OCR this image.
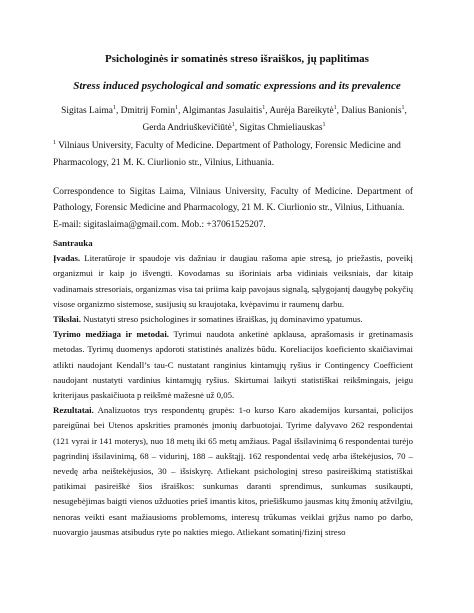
Psichologinės ir somatinės streso išraiškos, jų paplitimas
Stress induced psychological and somatic expressions and its prevalence
Sigitas Laima$^1$, Dmitrij Fomin$^1$, Algimantas Jasulaitis$^1$, Aurėja Bareikytė$^1$, Dalius Banionis$^1$, Gerda Andriuškevičiūtė$^1$, Sigitas Chmieliauskas$^1$
$^1$ Vilniaus University, Faculty of Medicine. Department of Pathology, Forensic Medicine and Pharmacology, 21 M. K. Ciurlionio str., Vilnius, Lithuania.
Correspondence to Sigitas Laima, Vilniaus University, Faculty of Medicine. Department of Pathology, Forensic Medicine and Pharmacology, 21 M. K. Ciurlionio str., Vilnius, Lithuania.
E-mail: sigitaslaima@gmail.com. Mob.: +37061525207.

Santrauka

Įvadas. Literatūroje ir spaudoje vis dažniau ir daugiau rašoma apie stresą, jo priežastis, poveikį organizmui ir kaip jo išvengti. Kovodamas su išoriniais arba vidiniais veiksniais, dar kitaip vadinamais stresoriais, organizmas visa tai priima kaip pavojaus signalą, sąlygojantį daugybę pokyčių visose organizmo sistemose, susijusių su kraujotaka, kvėpavimu ir raumenų darbu.

Tikslai. Nustatyti streso psichologines ir somatines išraiškas, jų dominavimo ypatumus.

Tyrimo medžiaga ir metodai. Tyrimui naudota anketinė apklausa, aprašomasis ir gretinamasis metodas. Tyrimų duomenys apdoroti statistinės analizės būdu. Koreliacijos koeficiento skaičiavimai atlikti naudojant Kendall’s tau-C nustatant ranginius kintamųjų ryšius ir Contingency Coefficient naudojant nustatyti vardinius kintamųjų ryšius. Skirtumai laikyti statistiškai reikšmingais, jeigu kriterijaus paskaičiuota p reikšmė mažesnė už 0,05.

Rezultatai. Analizuotos trys respondentų grupės: 1-o kurso Karo akademijos kursantai, policijos pareigūnai bei Utenos apskrities pramonės įmonių darbuotojai. Tyrime dalyvavo 262 respondentai (121 vyrai ir 141 moterys), nuo 18 metų iki 65 metų amžiaus. Pagal išsilavinimą 6 respondentai turėjo pagrindinį išsilavinimą, 68 – vidurinį, 188 – aukštąjį. 162 respondentai vedę arba ištekėjusios, 70 – nevedę arba neištekėjusios, 30 – išsiskyrę. Atliekant psichologinį streso pasireiškimą statistiškai patikimai pasireiškė šios išraiškos: sunkumas daranti sprendimus, sunkumas susikaupti, nesugebėjimas baigti vienos užduoties prieš imantis kitos, priešiškumo jausmas kitų žmonių atžvilgiu, nenoras veikti esant mažiausioms problemoms, interesų trūkumas veiklai grįžus namo po darbo, nuovargio jausmas atsibudus ryte po nakties miego. Atliekant somatinį/fizinį streso
